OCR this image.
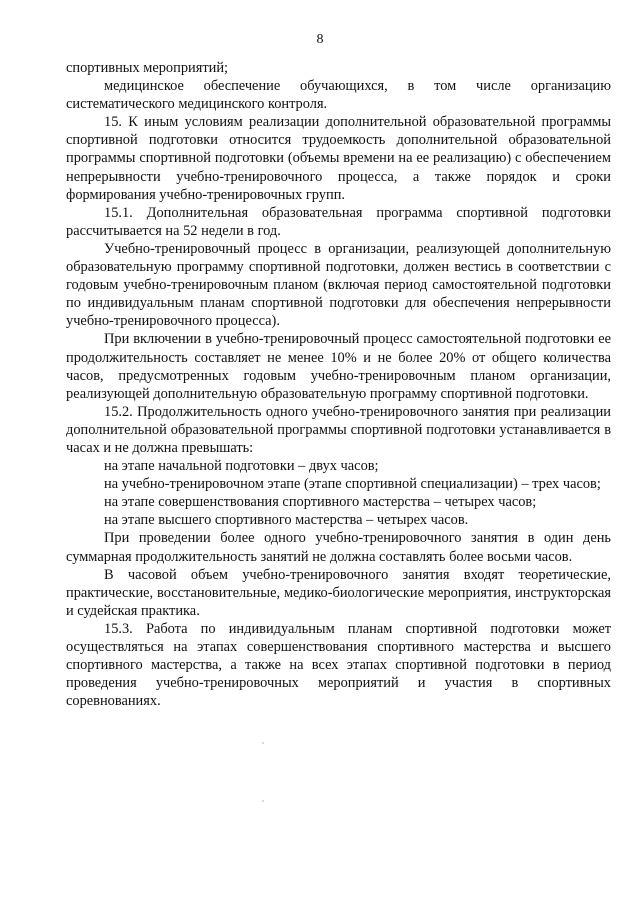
8

спортивных мероприятий;

медицинское обеспечение обучающихся, в том числе организацию систематического медицинского контроля.

15. К иным условиям реализации дополнительной образовательной программы спортивной подготовки относится трудоемкость дополнительной образовательной программы спортивной подготовки (объемы времени на ее реализацию) с обеспечением непрерывности учебно-тренировочного процесса, а также порядок и сроки формирования учебно-тренировочных групп.

15.1. Дополнительная образовательная программа спортивной подготовки рассчитывается на 52 недели в год.

Учебно-тренировочный процесс в организации, реализующей дополнительную образовательную программу спортивной подготовки, должен вестись в соответствии с годовым учебно-тренировочным планом (включая период самостоятельной подготовки по индивидуальным планам спортивной подготовки для обеспечения непрерывности учебно-тренировочного процесса).

При включении в учебно-тренировочный процесс самостоятельной подготовки ее продолжительность составляет не менее 10% и не более 20% от общего количества часов, предусмотренных годовым учебно-тренировочным планом организации, реализующей дополнительную образовательную программу спортивной подготовки.

15.2. Продолжительность одного учебно-тренировочного занятия при реализации дополнительной образовательной программы спортивной подготовки устанавливается в часах и не должна превышать:

на этапе начальной подготовки – двух часов;

на учебно-тренировочном этапе (этапе спортивной специализации) – трех часов;

на этапе совершенствования спортивного мастерства – четырех часов;

на этапе высшего спортивного мастерства – четырех часов.

При проведении более одного учебно-тренировочного занятия в один день суммарная продолжительность занятий не должна составлять более восьми часов.

В часовой объем учебно-тренировочного занятия входят теоретические, практические, восстановительные, медико-биологические мероприятия, инструкторская и судейская практика.

15.3. Работа по индивидуальным планам спортивной подготовки может осуществляться на этапах совершенствования спортивного мастерства и высшего спортивного мастерства, а также на всех этапах спортивной подготовки в период проведения учебно-тренировочных мероприятий и участия в спортивных соревнованиях.
